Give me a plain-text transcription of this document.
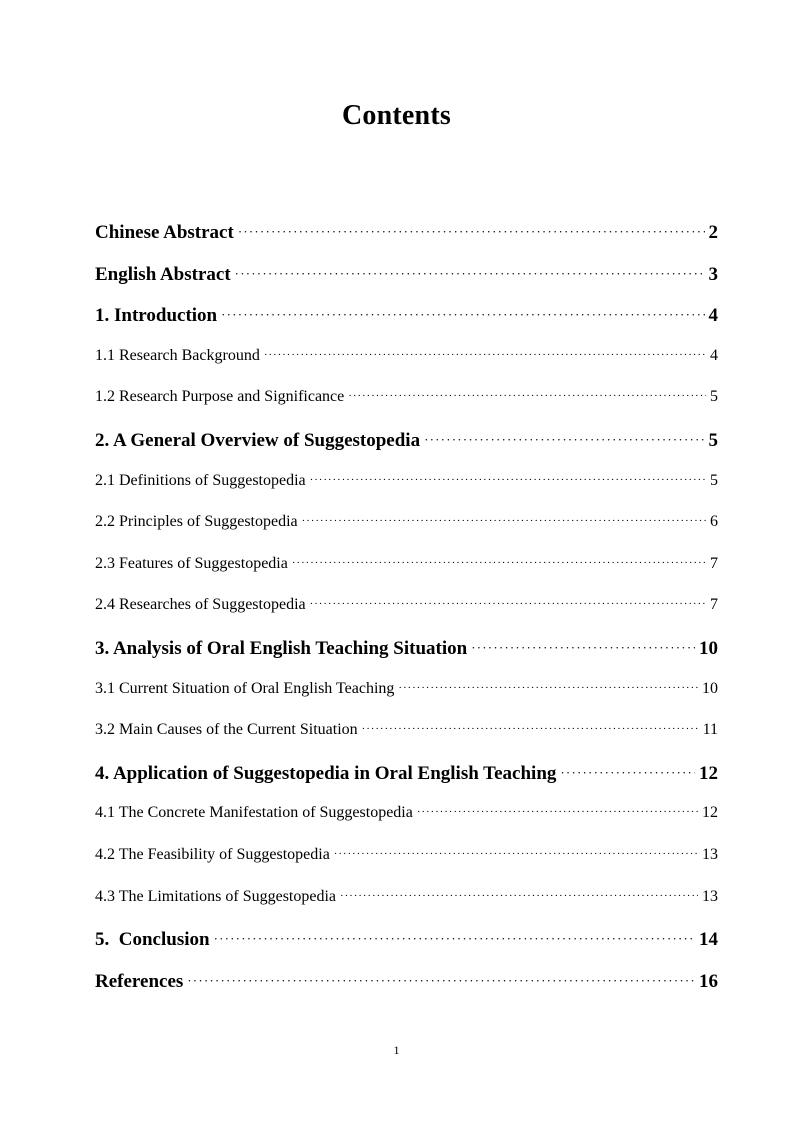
Contents
Chinese Abstract ·····	2
English Abstract ·····	3
1. Introduction ·····	4
1.1 Research Background ·····	4
1.2 Research Purpose and Significance ·····	5
2. A General Overview of Suggestopedia ·····	5
2.1 Definitions of Suggestopedia ·····	5
2.2 Principles of Suggestopedia ·····	6
2.3 Features of Suggestopedia ·····	7
2.4 Researches of Suggestopedia ·····	7
3. Analysis of Oral English Teaching Situation ·····	10
3.1 Current Situation of Oral English Teaching ·····	10
3.2 Main Causes of the Current Situation ·····	11
4. Application of Suggestopedia in Oral English Teaching ·····	12
4.1 The Concrete Manifestation of Suggestopedia ·····	12
4.2 The Feasibility of Suggestopedia ·····	13
4.3 The Limitations of Suggestopedia ·····	13
5.  Conclusion ·····	14
References ·····	16
1
